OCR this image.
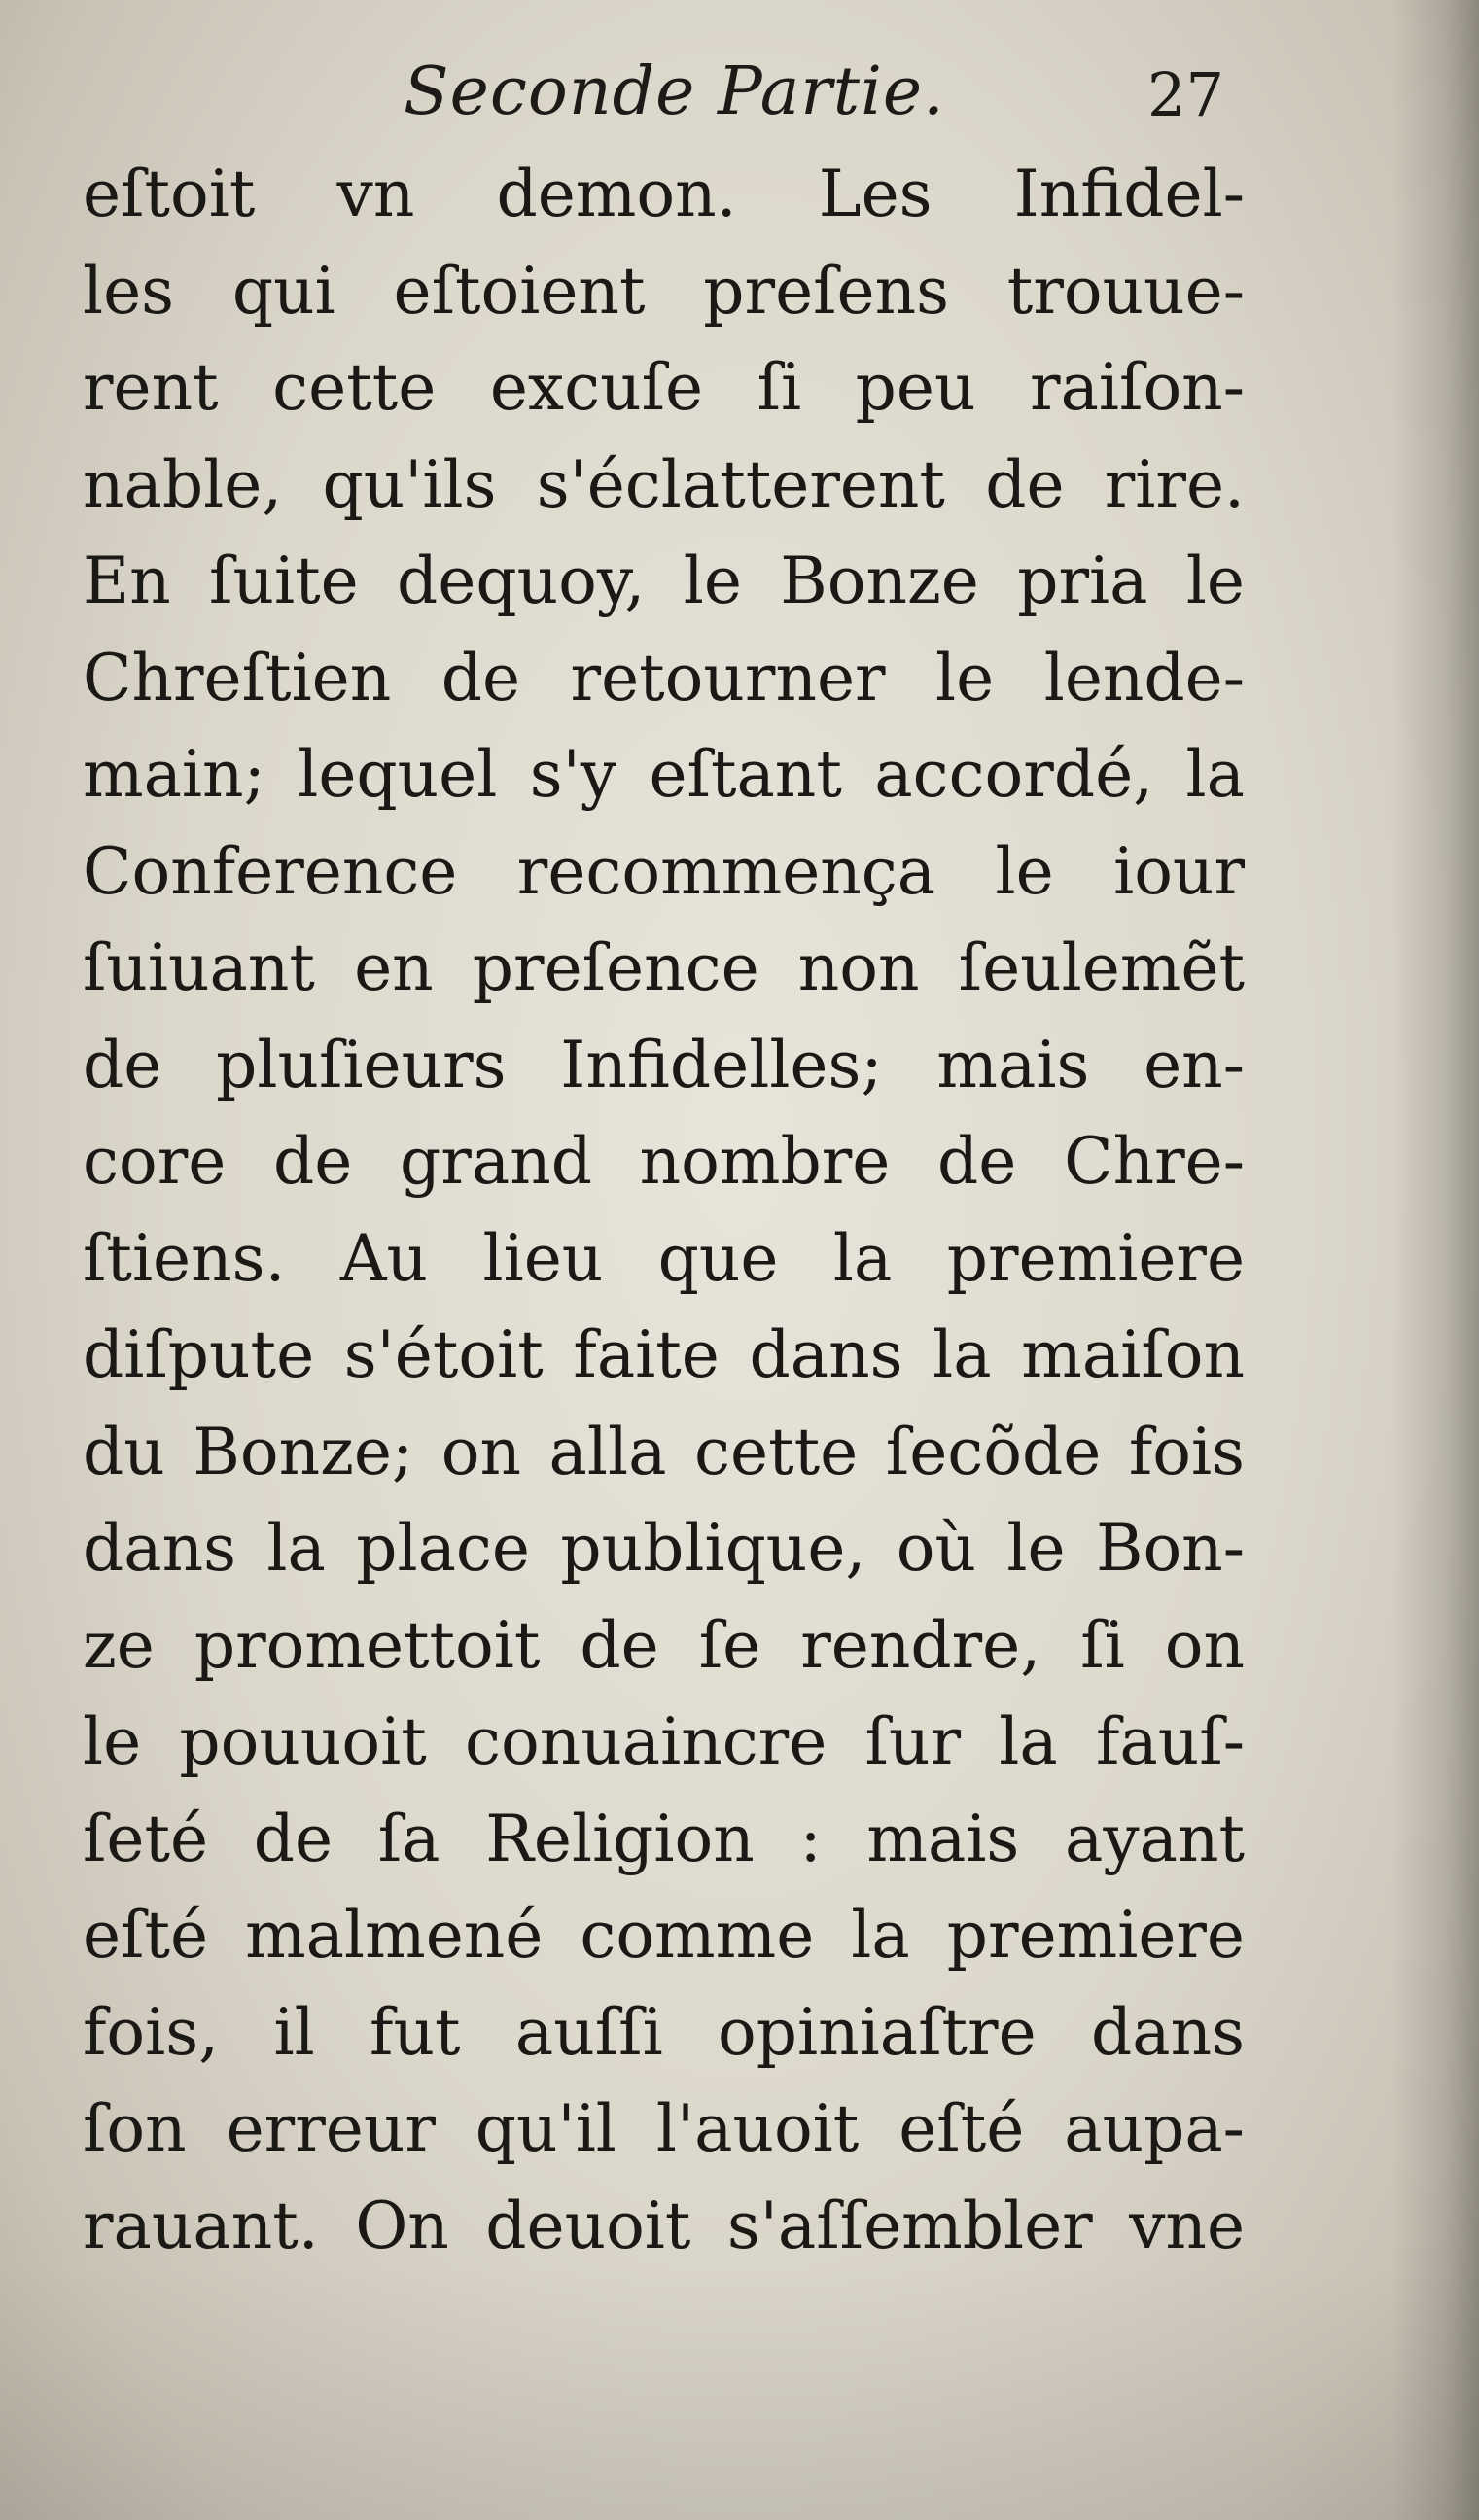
Seconde Partie.	27
eſtoit vn demon. Les Infidel-
les qui eſtoient preſens trouue-
rent cette excuſe ſi peu raiſon-
nable, qu'ils s'éclatterent de rire.
En ſuite dequoy, le Bonze pria le
Chreſtien de retourner le lende-
main; lequel s'y eſtant accordé, la
Conference recommença le iour
ſuiuant en preſence non ſeulemẽt
de pluſieurs Infidelles; mais en-
core de grand nombre de Chre-
ſtiens. Au lieu que la premiere
diſpute s'étoit faite dans la maiſon
du Bonze; on alla cette ſecõde fois
dans la place publique, où le Bon-
ze promettoit de ſe rendre, ſi on
le pouuoit conuaincre ſur la fauſ-
ſeté de ſa Religion : mais ayant
eſté malmené comme la premiere
fois, il fut auſſi opiniaſtre dans
ſon erreur qu'il l'auoit eſté aupa-
rauant. On deuoit s'aſſembler vne
